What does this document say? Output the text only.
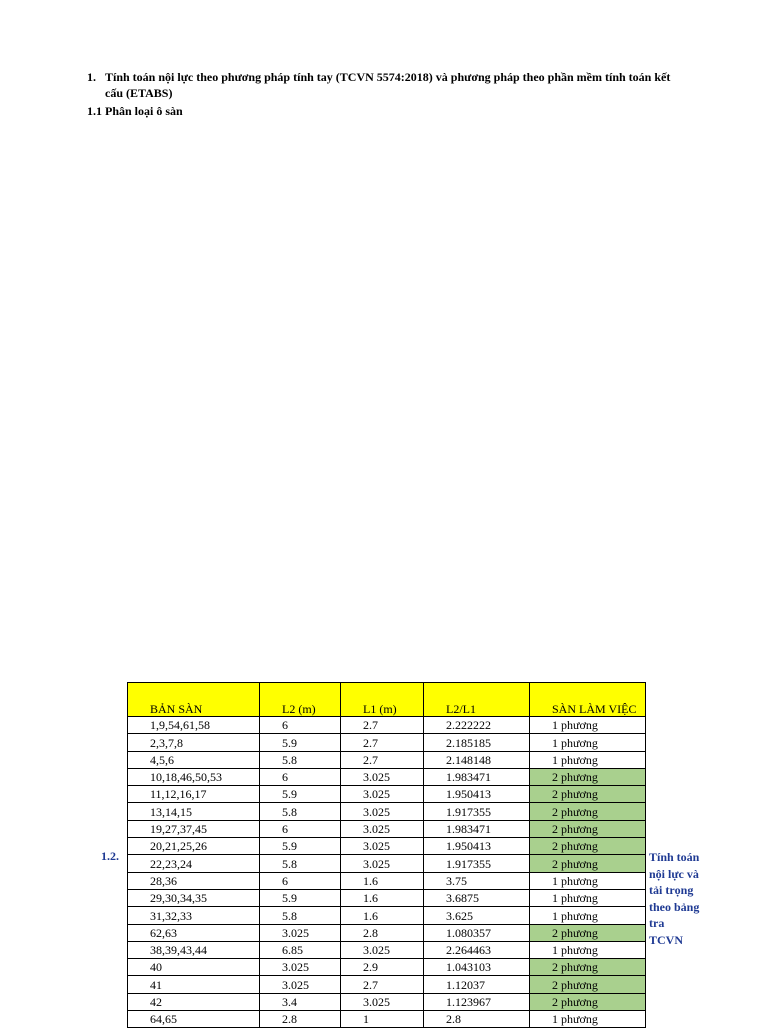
1. Tính toán nội lực theo phương pháp tính tay (TCVN 5574:2018) và phương pháp theo phần mềm tính toán kết cấu (ETABS)
1.1 Phân loại ô sàn
1.2.	Tính toán nội lực và tải trọng theo bảng tra TCVN
BẢN SÀN	L2 (m)	L1 (m)	L2/L1	SÀN LÀM VIỆC
1,9,54,61,58	6	2.7	2.222222	1 phương
2,3,7,8	5.9	2.7	2.185185	1 phương
4,5,6	5.8	2.7	2.148148	1 phương
10,18,46,50,53	6	3.025	1.983471	2 phương
11,12,16,17	5.9	3.025	1.950413	2 phương
13,14,15	5.8	3.025	1.917355	2 phương
19,27,37,45	6	3.025	1.983471	2 phương
20,21,25,26	5.9	3.025	1.950413	2 phương
22,23,24	5.8	3.025	1.917355	2 phương
28,36	6	1.6	3.75	1 phương
29,30,34,35	5.9	1.6	3.6875	1 phương
31,32,33	5.8	1.6	3.625	1 phương
62,63	3.025	2.8	1.080357	2 phương
38,39,43,44	6.85	3.025	2.264463	1 phương
40	3.025	2.9	1.043103	2 phương
41	3.025	2.7	1.12037	2 phương
42	3.4	3.025	1.123967	2 phương
64,65	2.8	1	2.8	1 phương
